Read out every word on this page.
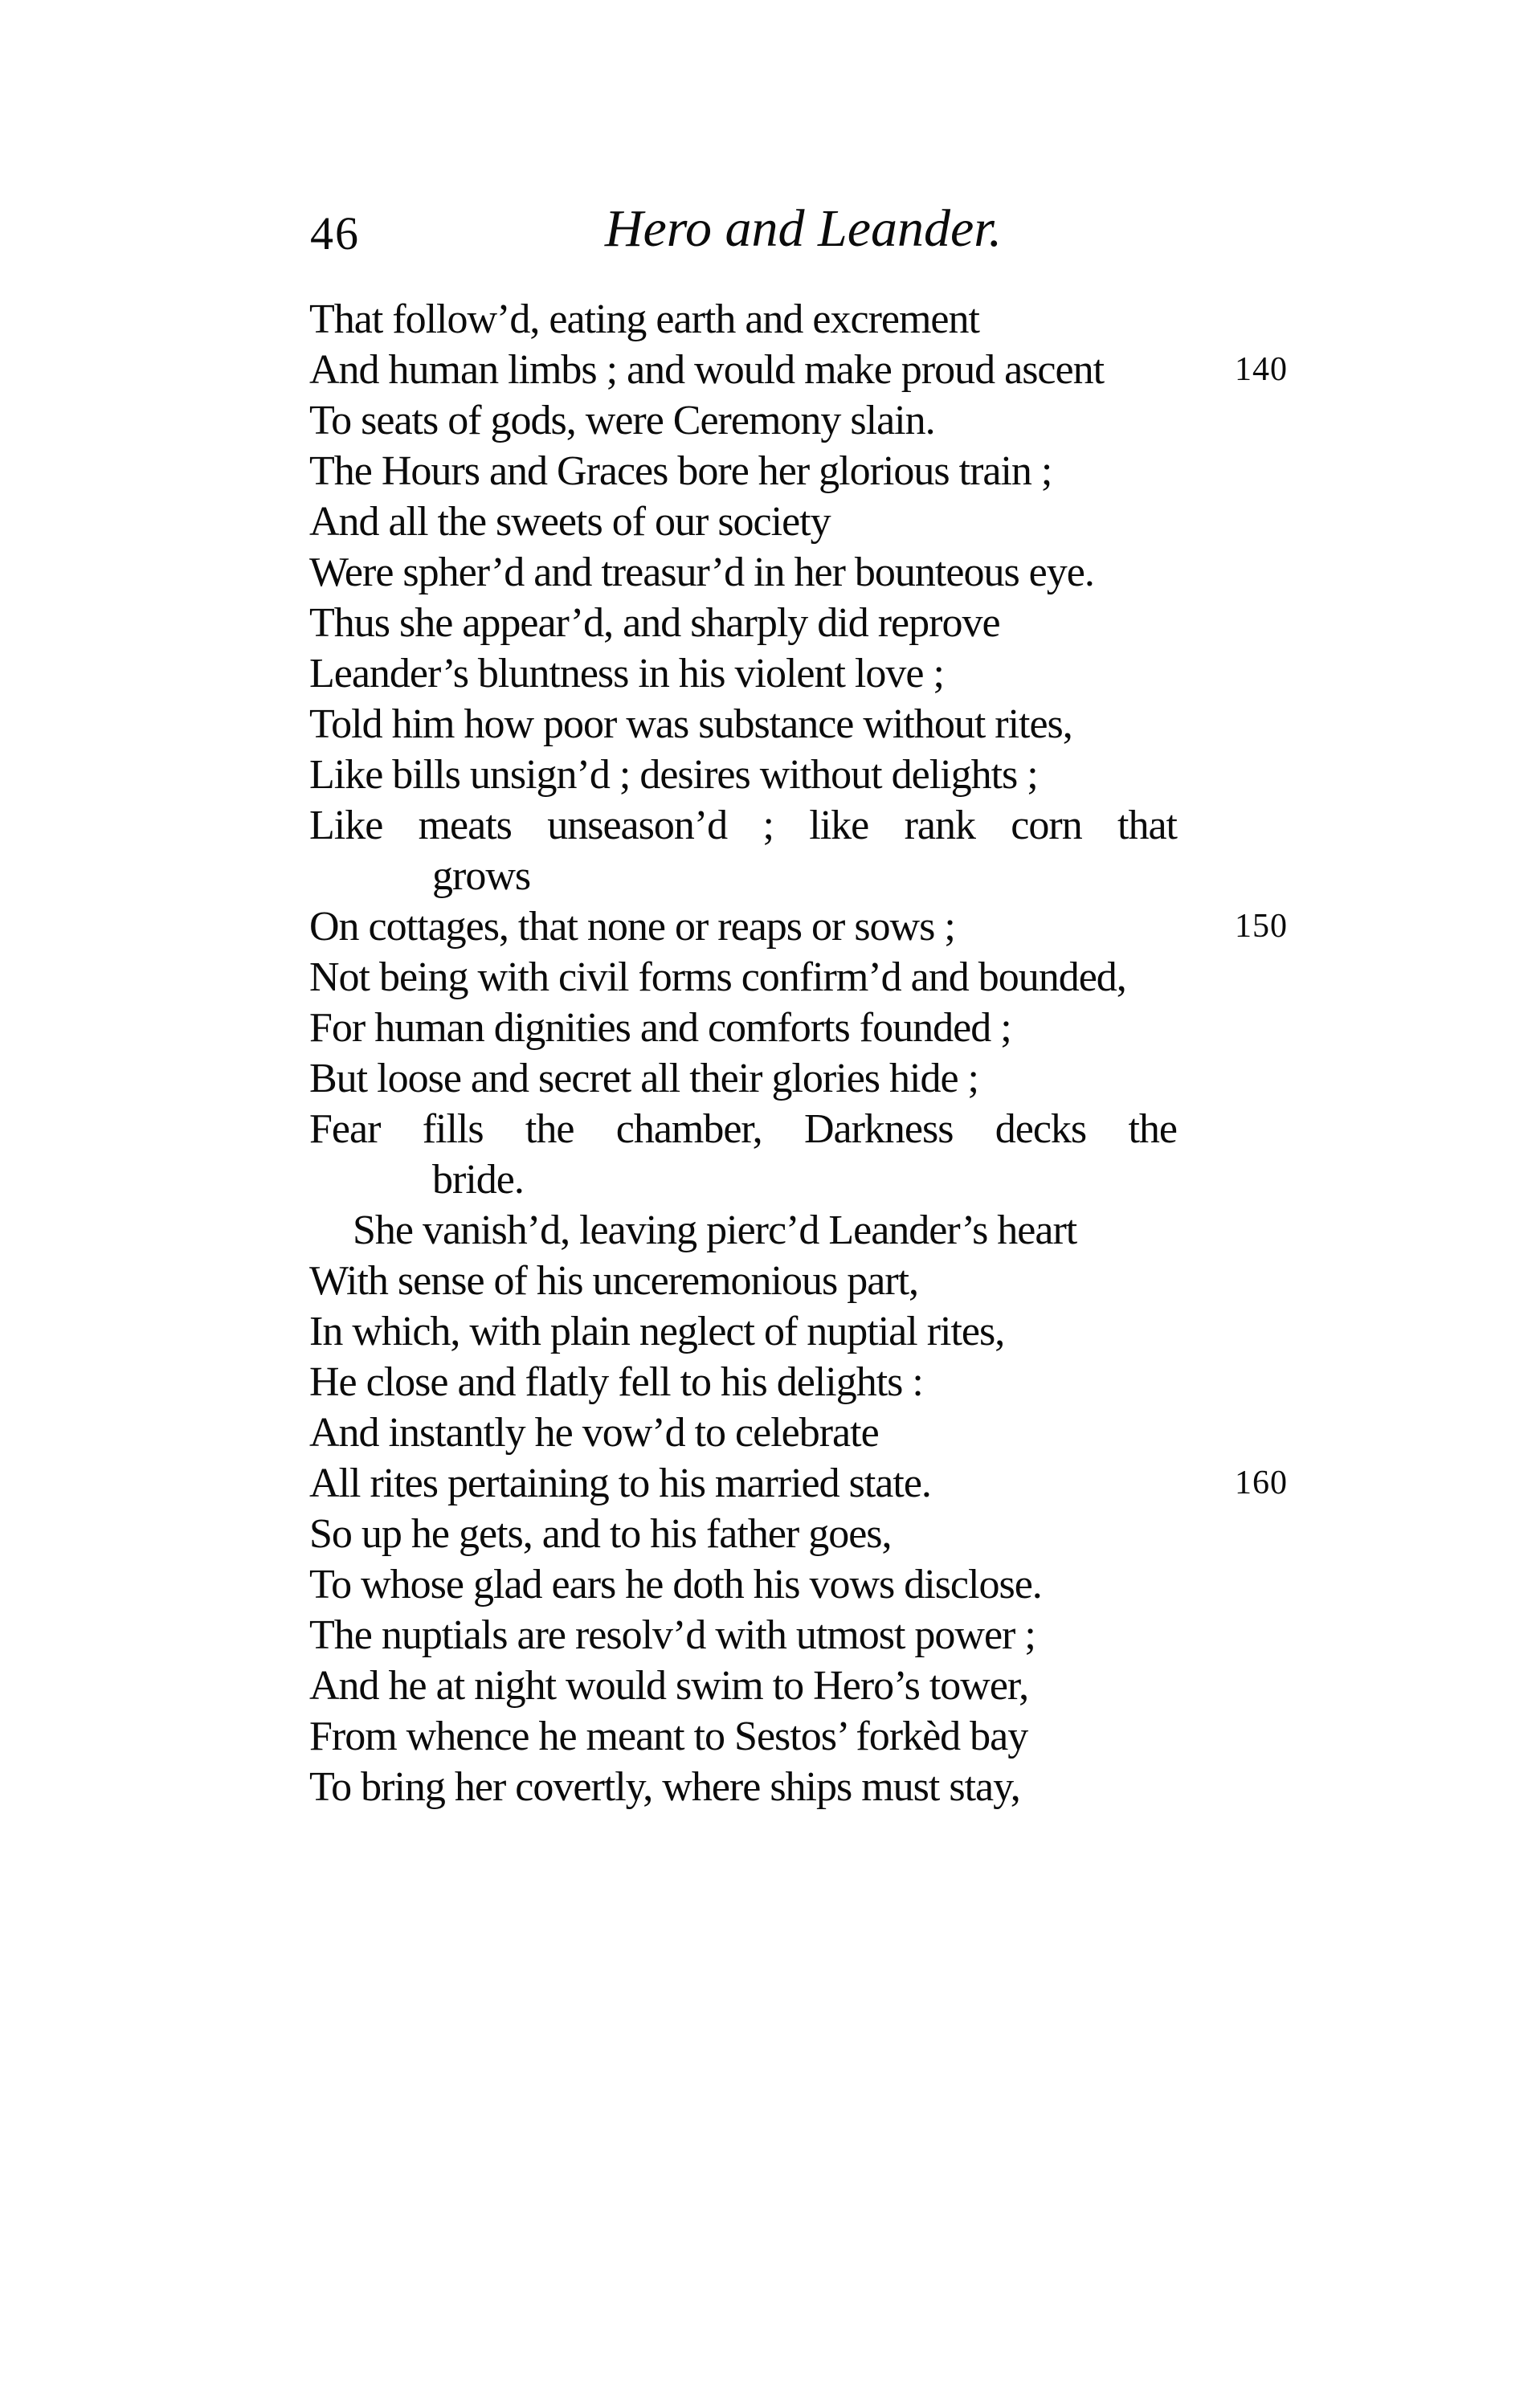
46	Hero and Leander.
That follow’d, eating earth and excrement
And human limbs ; and would make proud ascent	140
To seats of gods, were Ceremony slain.
The Hours and Graces bore her glorious train ;
And all the sweets of our society
Were spher’d and treasur’d in her bounteous eye.
Thus she appear’d, and sharply did reprove
Leander’s bluntness in his violent love ;
Told him how poor was substance without rites,
Like bills unsign’d ; desires without delights ;
Like meats unseason’d ; like rank corn that
grows
On cottages, that none or reaps or sows ;	150
Not being with civil forms confirm’d and bounded,
For human dignities and comforts founded ;
But loose and secret all their glories hide ;
Fear fills the chamber, Darkness decks the
bride.
She vanish’d, leaving pierc’d Leander’s heart
With sense of his unceremonious part,
In which, with plain neglect of nuptial rites,
He close and flatly fell to his delights :
And instantly he vow’d to celebrate
All rites pertaining to his married state.	160
So up he gets, and to his father goes,
To whose glad ears he doth his vows disclose.
The nuptials are resolv’d with utmost power ;
And he at night would swim to Hero’s tower,
From whence he meant to Sestos’ forkèd bay
To bring her covertly, where ships must stay,
